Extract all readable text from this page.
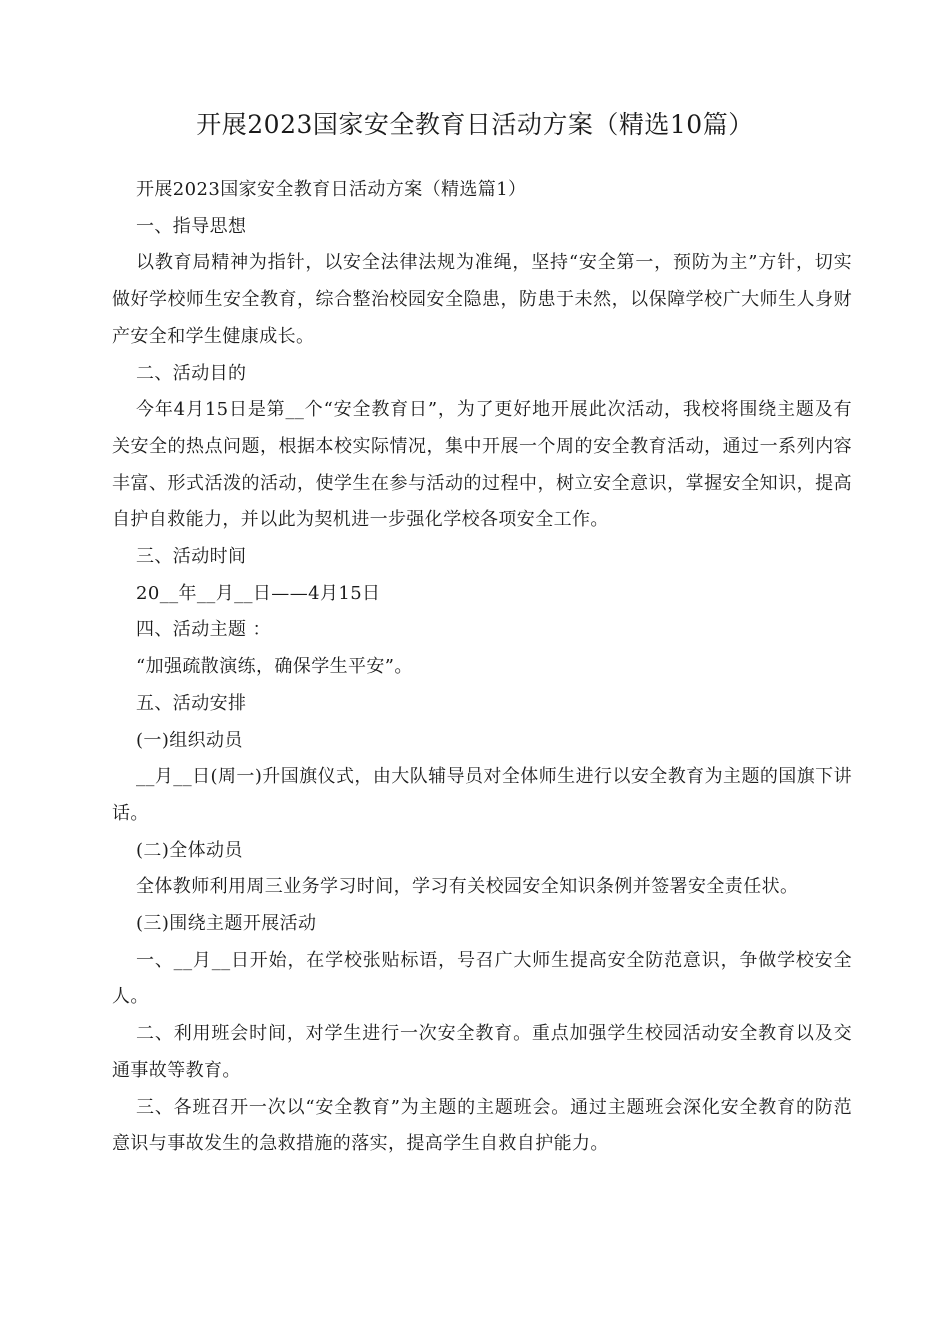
开展2023国家安全教育日活动方案（精选10篇）

开展2023国家安全教育日活动方案（精选篇1）

一、指导思想

以教育局精神为指针，以安全法律法规为准绳，坚持“安全第一，预防为主”方针，切实做好学校师生安全教育，综合整治校园安全隐患，防患于未然，以保障学校广大师生人身财产安全和学生健康成长。

二、活动目的

今年4月15日是第__个“安全教育日”，为了更好地开展此次活动，我校将围绕主题及有关安全的热点问题，根据本校实际情况，集中开展一个周的安全教育活动，通过一系列内容丰富、形式活泼的活动，使学生在参与活动的过程中，树立安全意识，掌握安全知识，提高自护自救能力，并以此为契机进一步强化学校各项安全工作。

三、活动时间

20__年__月__日——4月15日

四、活动主题 ：

“加强疏散演练，确保学生平安”。

五、活动安排

(一)组织动员

__月__日(周一)升国旗仪式，由大队辅导员对全体师生进行以安全教育为主题的国旗下讲话。

(二)全体动员

全体教师利用周三业务学习时间，学习有关校园安全知识条例并签署安全责任状。

(三)围绕主题开展活动

一、__月__日开始，在学校张贴标语，号召广大师生提高安全防范意识，争做学校安全人。

二、利用班会时间，对学生进行一次安全教育。重点加强学生校园活动安全教育以及交通事故等教育。

三、各班召开一次以“安全教育”为主题的主题班会。通过主题班会深化安全教育的防范意识与事故发生的急救措施的落实，提高学生自救自护能力。
